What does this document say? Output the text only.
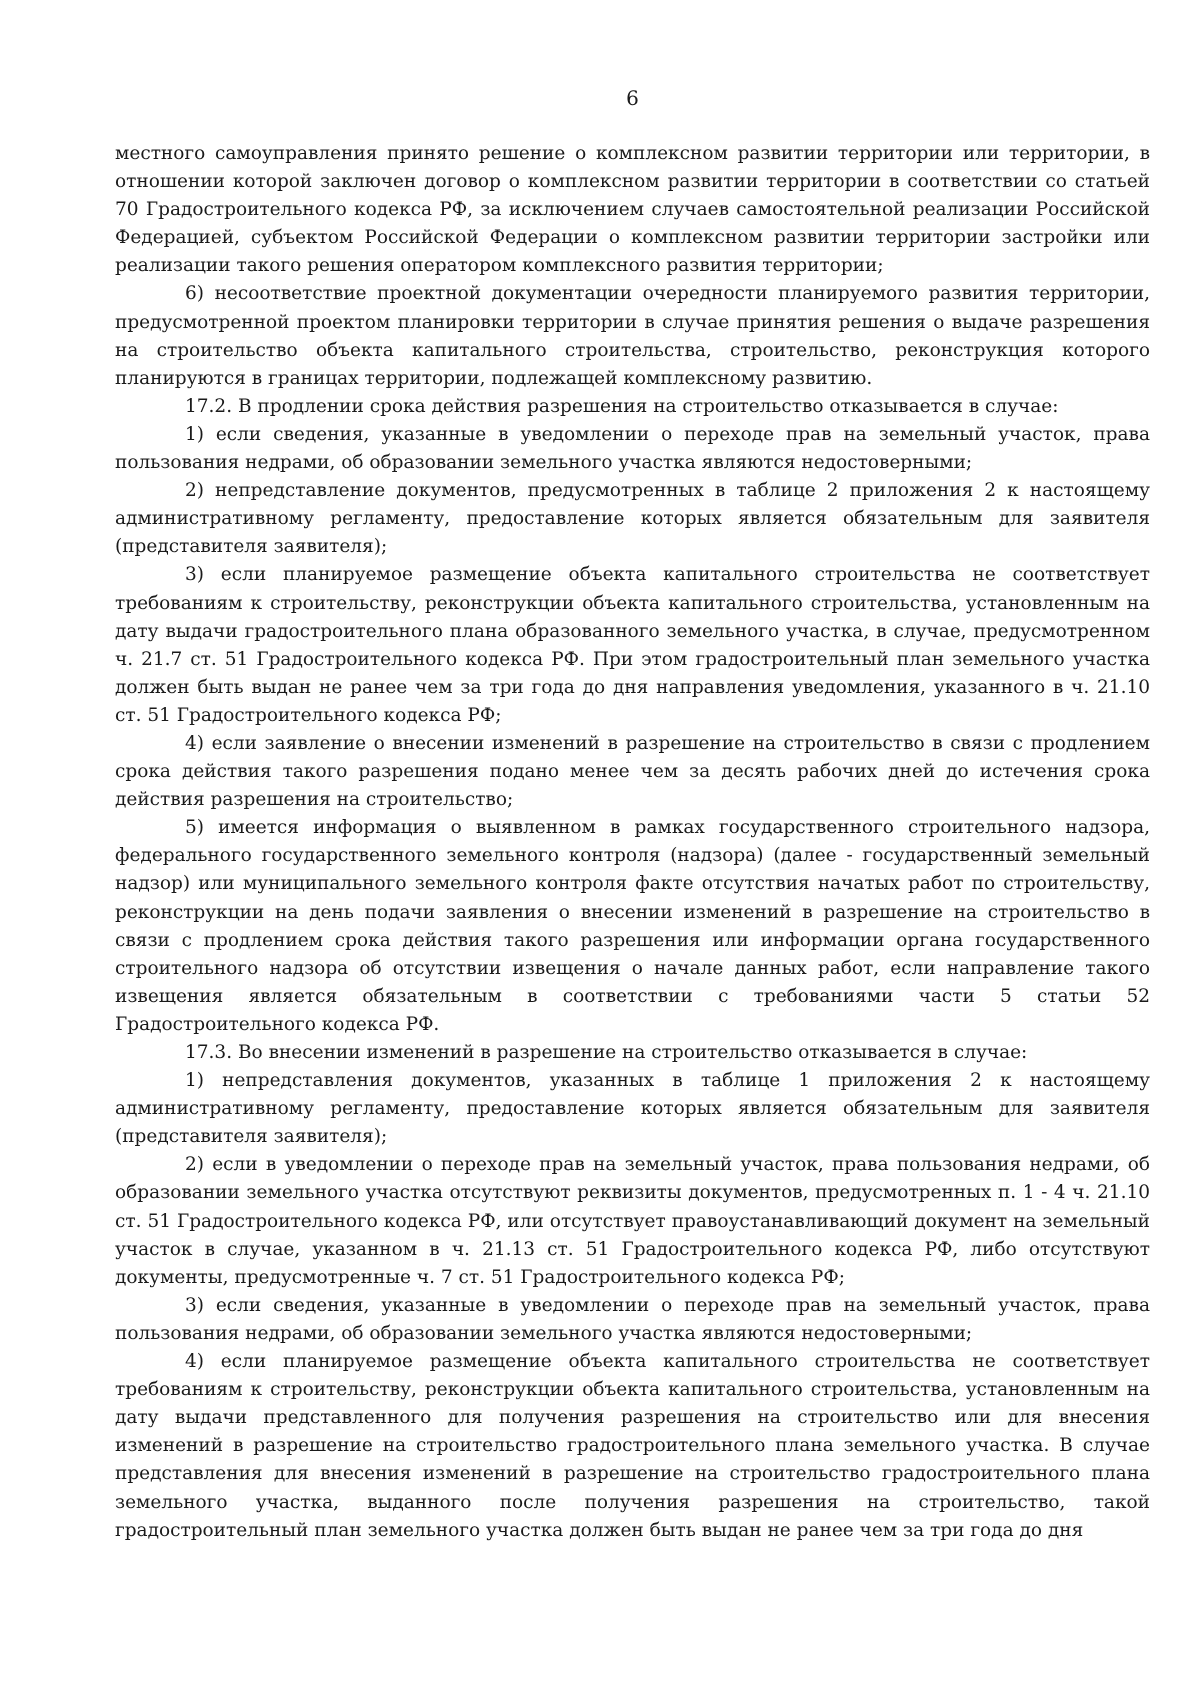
6

местного самоуправления принято решение о комплексном развитии территории или территории, в отношении которой заключен договор о комплексном развитии территории в соответствии со статьей 70 Градостроительного кодекса РФ, за исключением случаев самостоятельной реализации Российской Федерацией, субъектом Российской Федерации о комплексном развитии территории застройки или реализации такого решения оператором комплексного развития территории;

6) несоответствие проектной документации очередности планируемого развития территории, предусмотренной проектом планировки территории в случае принятия решения о выдаче разрешения на строительство объекта капитального строительства, строительство, реконструкция которого планируются в границах территории, подлежащей комплексному развитию.

17.2. В продлении срока действия разрешения на строительство отказывается в случае:

1) если сведения, указанные в уведомлении о переходе прав на земельный участок, права пользования недрами, об образовании земельного участка являются недостоверными;

2) непредставление документов, предусмотренных в таблице 2 приложения 2 к настоящему административному регламенту, предоставление которых является обязательным для заявителя (представителя заявителя);

3) если планируемое размещение объекта капитального строительства не соответствует требованиям к строительству, реконструкции объекта капитального строительства, установленным на дату выдачи градостроительного плана образованного земельного участка, в случае, предусмотренном ч. 21.7 ст. 51 Градостроительного кодекса РФ. При этом градостроительный план земельного участка должен быть выдан не ранее чем за три года до дня направления уведомления, указанного в ч. 21.10 ст. 51 Градостроительного кодекса РФ;

4) если заявление о внесении изменений в разрешение на строительство в связи с продлением срока действия такого разрешения подано менее чем за десять рабочих дней до истечения срока действия разрешения на строительство;

5) имеется информация о выявленном в рамках государственного строительного надзора, федерального государственного земельного контроля (надзора) (далее - государственный земельный надзор) или муниципального земельного контроля факте отсутствия начатых работ по строительству, реконструкции на день подачи заявления о внесении изменений в разрешение на строительство в связи с продлением срока действия такого разрешения или информации органа государственного строительного надзора об отсутствии извещения о начале данных работ, если направление такого извещения является обязательным в соответствии с требованиями части 5 статьи 52 Градостроительного кодекса РФ.

17.3. Во внесении изменений в разрешение на строительство отказывается в случае:

1) непредставления документов, указанных в таблице 1 приложения 2 к настоящему административному регламенту, предоставление которых является обязательным для заявителя (представителя заявителя);

2) если в уведомлении о переходе прав на земельный участок, права пользования недрами, об образовании земельного участка отсутствуют реквизиты документов, предусмотренных п. 1 - 4 ч. 21.10 ст. 51 Градостроительного кодекса РФ, или отсутствует правоустанавливающий документ на земельный участок в случае, указанном в ч. 21.13 ст. 51 Градостроительного кодекса РФ, либо отсутствуют документы, предусмотренные ч. 7 ст. 51 Градостроительного кодекса РФ;

3) если сведения, указанные в уведомлении о переходе прав на земельный участок, права пользования недрами, об образовании земельного участка являются недостоверными;

4) если планируемое размещение объекта капитального строительства не соответствует требованиям к строительству, реконструкции объекта капитального строительства, установленным на дату выдачи представленного для получения разрешения на строительство или для внесения изменений в разрешение на строительство градостроительного плана земельного участка. В случае представления для внесения изменений в разрешение на строительство градостроительного плана земельного участка, выданного после получения разрешения на строительство, такой градостроительный план земельного участка должен быть выдан не ранее чем за три года до дня
